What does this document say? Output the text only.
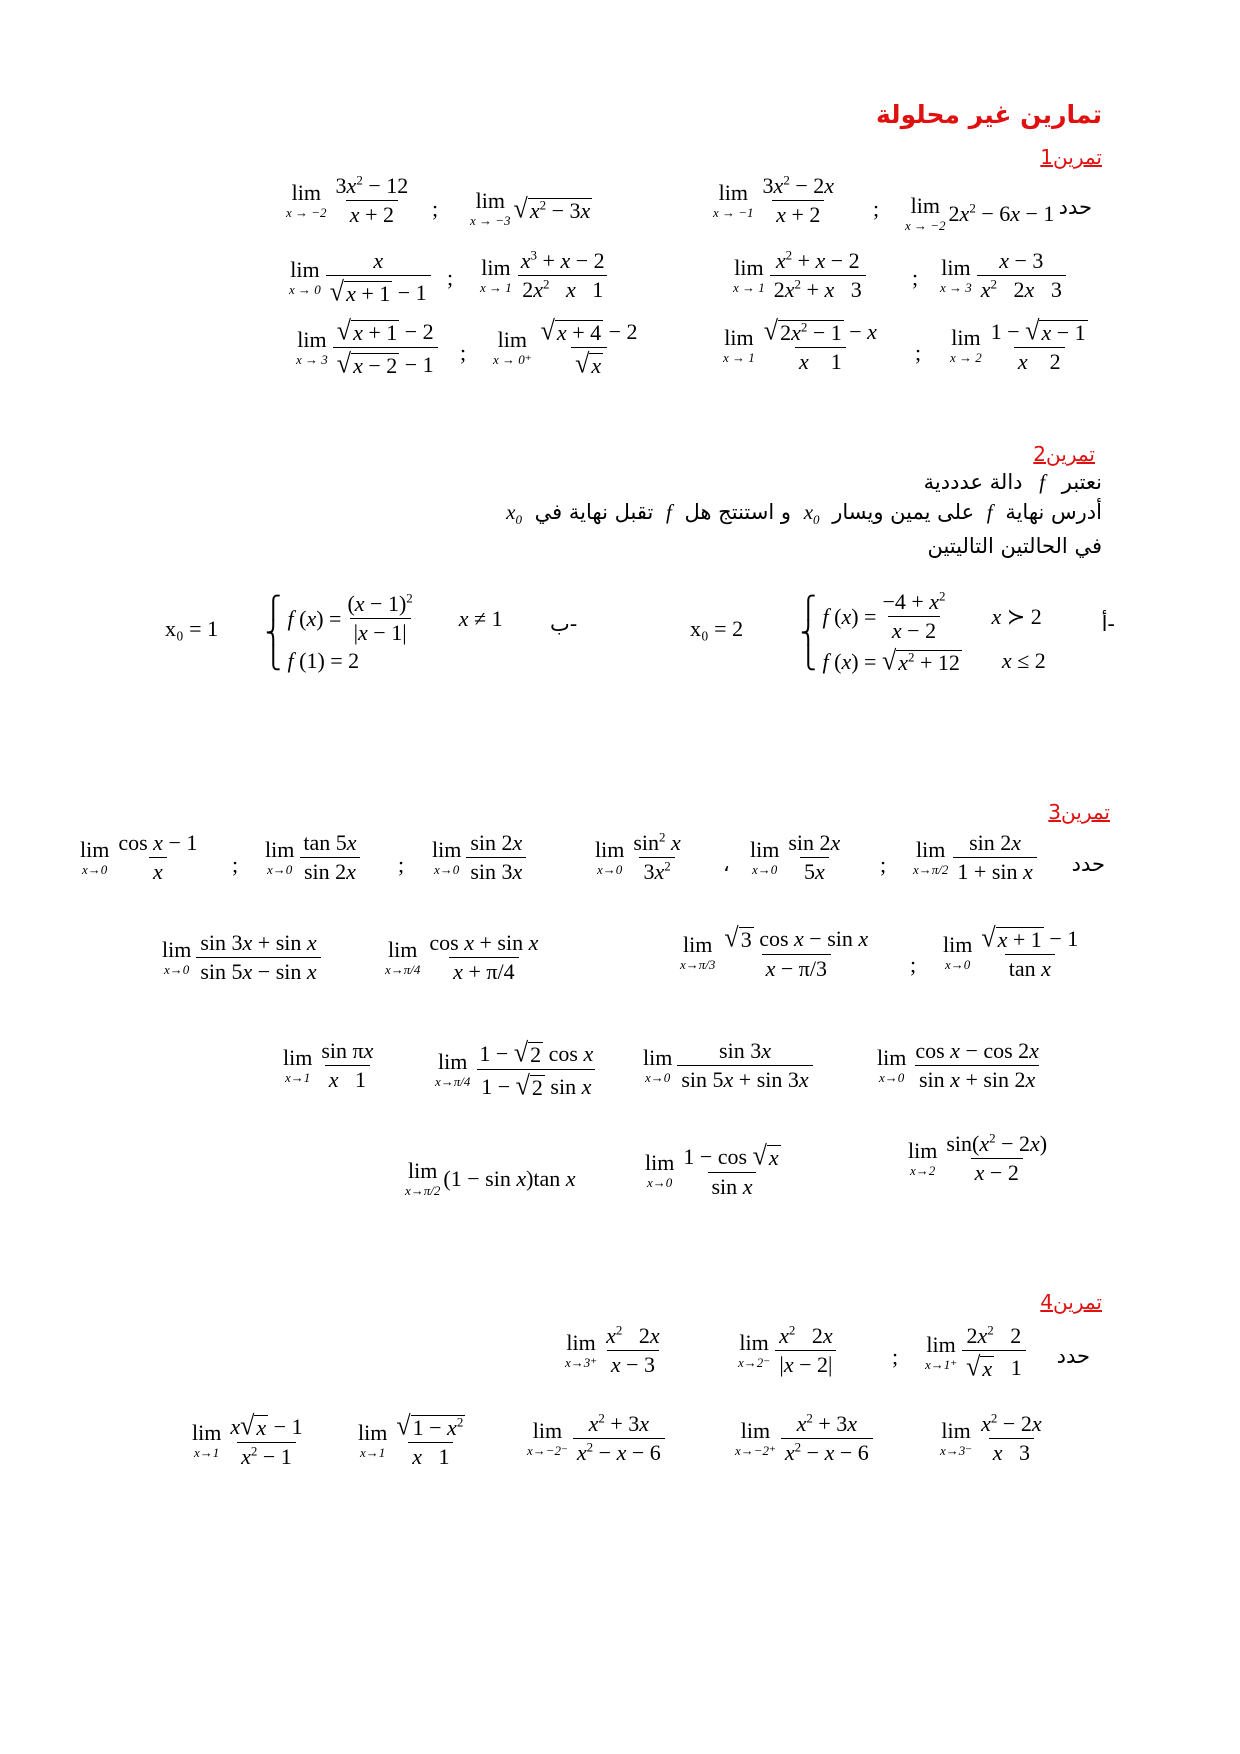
تمارين غير محلولة
تمرين1
حدد
lim
$x \to -2 \frac{3x^2 - 12}{x + 2}$ ; lim
x → −3 √ $x^2 - 3x$
lim
$x \to -1 \frac{3x^2 - 2x}{x + 2}$ ; lim
x → −2 $2x^2 - 6x - 1$
lim
$x \to 0 \frac{x}{√ x + 1 - 1}$ ; lim
$x \to 1 \frac{x^3 + x - 2}{2x^2 x 1}$	lim
$x \to 1 \frac{x^2 + x - 2}{2x^2 + x 3}$ ; lim
$x \to 3 \frac{x - 3}{x^2 2x 3}$
lim
$x \to 3 \frac{√ x + 1 - 2}{√ x - 2 - 1}$ ;
lim
$x \to 0^+ \frac{√ x + 4 - 2}{√ x}$	lim
$x \to 1 \frac{√ 2x^2 - 1 - x}{x 1}$ ;
lim
$x \to 2 \frac{1 - √ x - 1}{x 2}$
تمرين2
نعتبر f دالة عدددية
أدرس نهاية f على يمين ويسار $x_0$ و استنتج هل f تقبل نهاية في $x_0$
في الحالتين التاليتين
أ-
⎧
⎨
⎩
f $(x) = \frac{-4 + x^2}{x - 2}$ x ≻ 2
f (x) = √ $x^2 + 12$ x ≤ 2
x₀ = 2
ب-
⎧
⎨
⎩
f $(x) = \frac{(x - 1)^2}{|x - 1|}$ x ≠ 1
f (1) = 2
x₀ = 1
تمرين3
حدد
lim
$x\to 0 \frac{\text{cos x − 1}}{x}$ ;
lim
$x\to 0 \frac{\tan 5x}{\sin 2x}$ ;
lim
$x\to 0 \frac{\sin 2x}{\sin 3x}$	lim
$x\to 0 \frac{\sin^2 x}{3x^2}$ ،
lim
$x\to 0 \frac{\sin 2x}{5x}$ ;
lim
$x\to\pi/2 \frac{\sin 2x}{\text{1 + sin x}}$
lim
$x\to 0 \frac{\text{sin 3x + sin x}}{\text{sin 5x − sin x}}$	lim
$x\to\pi/4 \frac{\text{cos x + sin x}}{x + \pi/4}$	lim
$x\to\pi/3 \frac{\text{√ 3 cos x − sin x}}{x - \pi/3}$ ;
lim
$x\to 0 \frac{√ x + 1 - 1}{\text{tan x}}$
lim
$x\to 1 \frac{\text{sin πx}}{x 1}$	lim
$x\to\pi/4 \frac{\text{1 − √ 2 cos x}}{\text{1 − √ 2 sin x}}$ lim
$x\to 0 \frac{\sin 3x}{\sin 5x + \sin 3x}$	lim
$x\to 0 \frac{\text{cos x − cos 2x}}{\text{sin x + sin 2x}}$
lim
x→π/2 (1 − sin x)tan x
lim
$x\to 0 \frac{1 - \cos √ x}{\text{sin x}}$	lim
$x\to 2 \frac{\sin(x^2 - 2x)}{x - 2}$
تمرين4
حدد
lim
$x\to 3^+ \frac{x^2 2x}{x - 3}$	lim
$x\to 2^- \frac{x^2 2x}{|x - 2|}$	; lim
$x\to 1^+ \frac{2x^2 2}{√ x 1}$
lim
$x\to 1 \frac{x √ x - 1}{x^2 - 1}$ lim
$x\to 1 \frac{√ 1 - x^2}{x 1}$	lim
$x\to-2^- \frac{x^2 + 3x}{x^2 - x - 6}$	lim
$x\to-2^+ \frac{x^2 + 3x}{x^2 - x - 6}$	lim
$x\to 3^- \frac{x^2 - 2x}{x 3}$
